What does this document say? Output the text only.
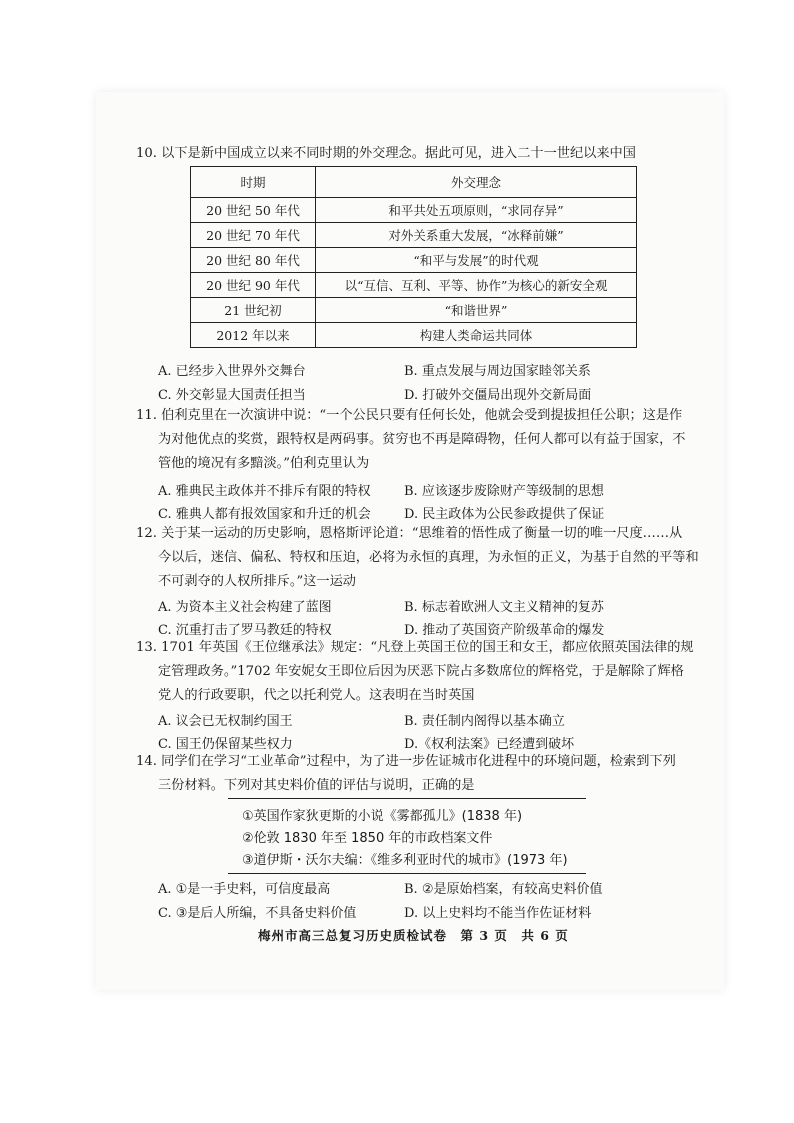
10. 以下是新中国成立以来不同时期的外交理念。据此可见，进入二十一世纪以来中国
时期	外交理念
20 世纪 50 年代	和平共处五项原则，“求同存异”
20 世纪 70 年代	对外关系重大发展，“冰释前嫌”
20 世纪 80 年代	“和平与发展”的时代观
20 世纪 90 年代	以“互信、互利、平等、协作”为核心的新安全观
21 世纪初	“和谐世界”
2012 年以来	构建人类命运共同体
A. 已经步入世界外交舞台	B. 重点发展与周边国家睦邻关系
C. 外交彰显大国责任担当	D. 打破外交僵局出现外交新局面
11. 伯利克里在一次演讲中说：“一个公民只要有任何长处，他就会受到提拔担任公职；这是作
为对他优点的奖赏，跟特权是两码事。贫穷也不再是障碍物，任何人都可以有益于国家，不
管他的境况有多黯淡。”伯利克里认为
A. 雅典民主政体并不排斥有限的特权	B. 应该逐步废除财产等级制的思想
C. 雅典人都有报效国家和升迁的机会	D. 民主政体为公民参政提供了保证
12. 关于某一运动的历史影响，恩格斯评论道：“思维着的悟性成了衡量一切的唯一尺度……从
今以后，迷信、偏私、特权和压迫，必将为永恒的真理，为永恒的正义，为基于自然的平等和
不可剥夺的人权所排斥。”这一运动
A. 为资本主义社会构建了蓝图	B. 标志着欧洲人文主义精神的复苏
C. 沉重打击了罗马教廷的特权	D. 推动了英国资产阶级革命的爆发
13. 1701 年英国《王位继承法》规定：“凡登上英国王位的国王和女王，都应依照英国法律的规
定管理政务。”1702 年安妮女王即位后因为厌恶下院占多数席位的辉格党，于是解除了辉格
党人的行政要职，代之以托利党人。这表明在当时英国
A. 议会已无权制约国王	B. 责任制内阁得以基本确立
C. 国王仍保留某些权力	D.《权利法案》已经遭到破坏
14. 同学们在学习“工业革命”过程中，为了进一步佐证城市化进程中的环境问题，检索到下列
三份材料。下列对其史料价值的评估与说明，正确的是
①英国作家狄更斯的小说《雾都孤儿》(1838 年)
②伦敦 1830 年至 1850 年的市政档案文件
③道伊斯・沃尔夫编：《维多利亚时代的城市》(1973 年)
A. ①是一手史料，可信度最高	B. ②是原始档案，有较高史料价值
C. ③是后人所编，不具备史料价值	D. 以上史料均不能当作佐证材料
梅州市高三总复习历史质检试卷　第 3 页　共 6 页
